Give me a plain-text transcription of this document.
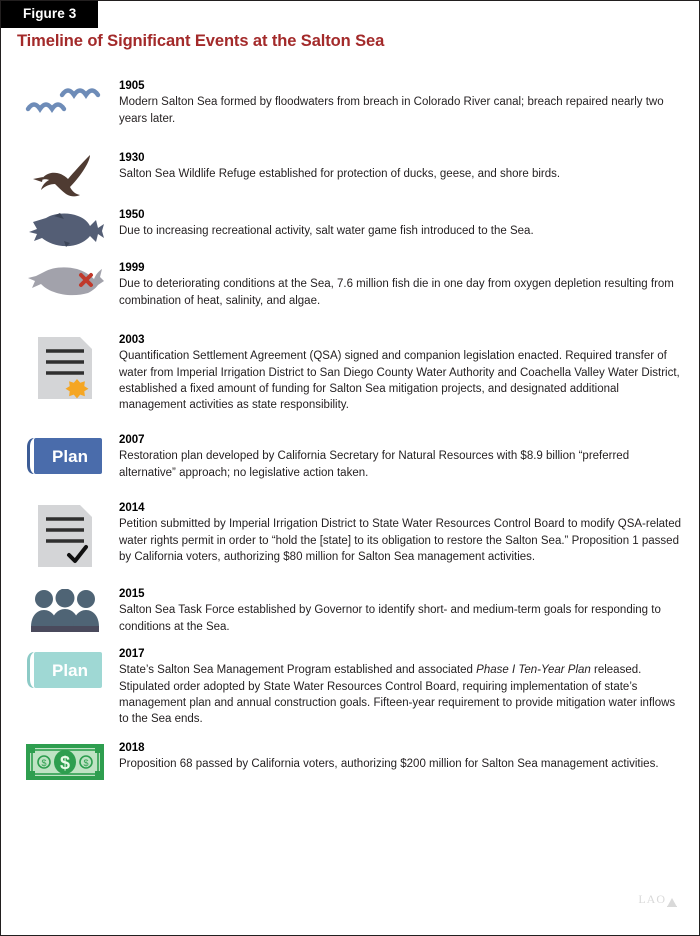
Figure 3
Timeline of Significant Events at the Salton Sea
1905
Modern Salton Sea formed by floodwaters from breach in Colorado River canal; breach repaired nearly two years later.
1930
Salton Sea Wildlife Refuge established for protection of ducks, geese, and shore birds.
1950
Due to increasing recreational activity, salt water game fish introduced to the Sea.
1999
Due to deteriorating conditions at the Sea, 7.6 million fish die in one day from oxygen depletion resulting from combination of heat, salinity, and algae.
2003
Quantification Settlement Agreement (QSA) signed and companion legislation enacted. Required transfer of water from Imperial Irrigation District to San Diego County Water Authority and Coachella Valley Water District, established a fixed amount of funding for Salton Sea mitigation projects, and designated additional management activities as state responsibility.
Plan
2007
Restoration plan developed by California Secretary for Natural Resources with $8.9 billion “preferred alternative” approach; no legislative action taken.
2014
Petition submitted by Imperial Irrigation District to State Water Resources Control Board to modify QSA-related water rights permit in order to “hold the [state] to its obligation to restore the Salton Sea.” Proposition 1 passed by California voters, authorizing $80 million for Salton Sea management activities.
2015
Salton Sea Task Force established by Governor to identify short- and medium-term goals for responding to conditions at the Sea.
Plan
2017
State’s Salton Sea Management Program established and associated Phase I Ten-Year Plan released. Stipulated order adopted by State Water Resources Control Board, requiring implementation of state’s management plan and annual construction goals. Fifteen-year requirement to provide mitigation water inflows to the Sea ends.
$
$	$
2018
Proposition 68 passed by California voters, authorizing $200 million for Salton Sea management activities.
LAO
